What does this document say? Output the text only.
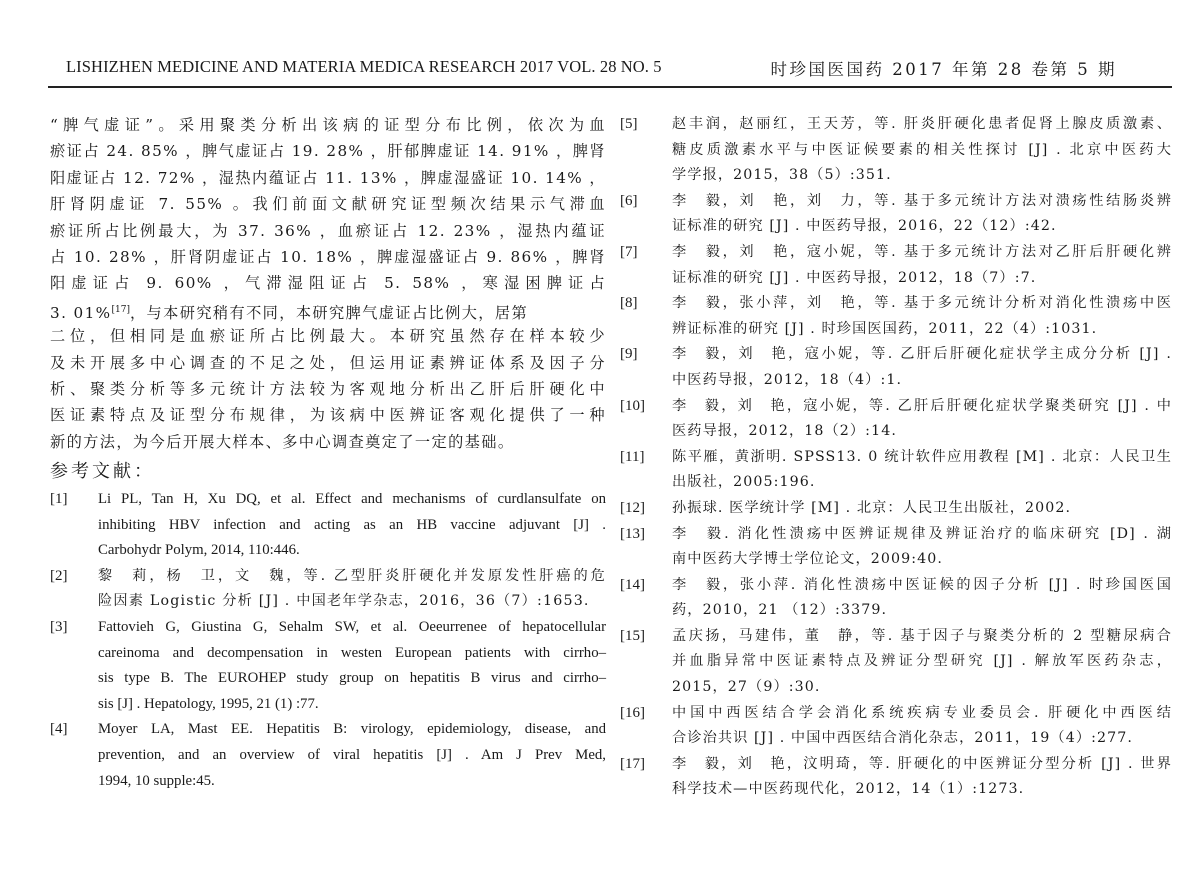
LISHIZHEN MEDICINE AND MATERIA MEDICA RESEARCH 2017 VOL. 28 NO. 5	时珍国医国药 2017 年第 28 卷第 5 期
“脾气虚证”。采用聚类分析出该病的证型分布比例，依次为血
瘀证占 24. 85% ，脾气虚证占 19. 28% ，肝郁脾虚证 14. 91% ，脾肾
阳虚证占 12. 72% ，湿热内蕴证占 11. 13% ，脾虚湿盛证 10. 14% ，
肝肾阴虚证 7. 55% 。我们前面文献研究证型频次结果示气滞血
瘀证所占比例最大，为 37. 36% ，血瘀证占 12. 23% ，湿热内蕴证
占 10. 28% ，肝肾阴虚证占 10. 18% ，脾虚湿盛证占 9. 86% ，脾肾
阳虚证占 9. 60% ，气滞湿阻证占 5. 58% ，寒湿困脾证占
3. 01%[17]，与本研究稍有不同，本研究脾气虚证占比例大，居第
二位，但相同是血瘀证所占比例最大。本研究虽然存在样本较少
及未开展多中心调查的不足之处，但运用证素辨证体系及因子分
析、聚类分析等多元统计方法较为客观地分析出乙肝后肝硬化中
医证素特点及证型分布规律，为该病中医辨证客观化提供了一种
新的方法，为今后开展大样本、多中心调查奠定了一定的基础。
参考文献：
[1] Li PL, Tan H, Xu DQ, et al. Effect and mechanisms of curdlansulfate on
inhibiting HBV infection and acting as an HB vaccine adjuvant [J] .
Carbohydr Polym, 2014, 110:446.
[2] 黎　莉，杨　卫，文　魏，等. 乙型肝炎肝硬化并发原发性肝癌的危
险因素 Logistic 分析 [J] . 中国老年学杂志，2016，36（7）:1653.
[3] Fattovieh G, Giustina G, Sehalm SW, et al. Oeeurrenee of hepatocellular
careinoma and decompensation in westen European patients with cirrho–
sis type B. The EUROHEP study group on hepatitis B virus and cirrho–
sis [J] . Hepatology, 1995, 21 (1) :77.
[4] Moyer LA, Mast EE. Hepatitis B: virology, epidemiology, disease, and
prevention, and an overview of viral hepatitis [J] . Am J Prev Med,
1994, 10 supple:45.
[5] 赵丰润，赵丽红，王天芳，等. 肝炎肝硬化患者促肾上腺皮质激素、
糖皮质激素水平与中医证候要素的相关性探讨 [J] . 北京中医药大
学学报，2015，38（5）:351.
[6] 李　毅，刘　艳，刘　力，等. 基于多元统计方法对溃疡性结肠炎辨
证标准的研究 [J] . 中医药导报，2016，22（12）:42.
[7] 李　毅，刘　艳，寇小妮，等. 基于多元统计方法对乙肝后肝硬化辨
证标准的研究 [J] . 中医药导报，2012，18（7）:7.
[8] 李　毅，张小萍，刘　艳，等. 基于多元统计分析对消化性溃疡中医
辨证标准的研究 [J] . 时珍国医国药，2011，22（4）:1031.
[9] 李　毅，刘　艳，寇小妮，等. 乙肝后肝硬化症状学主成分分析 [J] .
中医药导报，2012，18（4）:1.
[10] 李　毅，刘　艳，寇小妮，等. 乙肝后肝硬化症状学聚类研究 [J] . 中
医药导报，2012，18（2）:14.
[11] 陈平雁，黄浙明. SPSS13. 0 统计软件应用教程 [M] . 北京：人民卫生
出版社，2005:196.
[12] 孙振球. 医学统计学 [M] . 北京：人民卫生出版社，2002.
[13] 李　毅. 消化性溃疡中医辨证规律及辨证治疗的临床研究 [D] . 湖
南中医药大学博士学位论文，2009:40.
[14] 李　毅，张小萍. 消化性溃疡中医证候的因子分析 [J] . 时珍国医国
药，2010，21 （12）:3379.
[15] 孟庆扬，马建伟，董　静，等. 基于因子与聚类分析的 2 型糖尿病合
并血脂异常中医证素特点及辨证分型研究 [J] . 解放军医药杂志，
2015，27（9）:30.
[16] 中国中西医结合学会消化系统疾病专业委员会. 肝硬化中西医结
合诊治共识 [J] . 中国中西医结合消化杂志，2011，19（4）:277.
[17] 李　毅，刘　艳，汶明琦，等. 肝硬化的中医辨证分型分析 [J] . 世界
科学技术—中医药现代化，2012，14（1）:1273.
